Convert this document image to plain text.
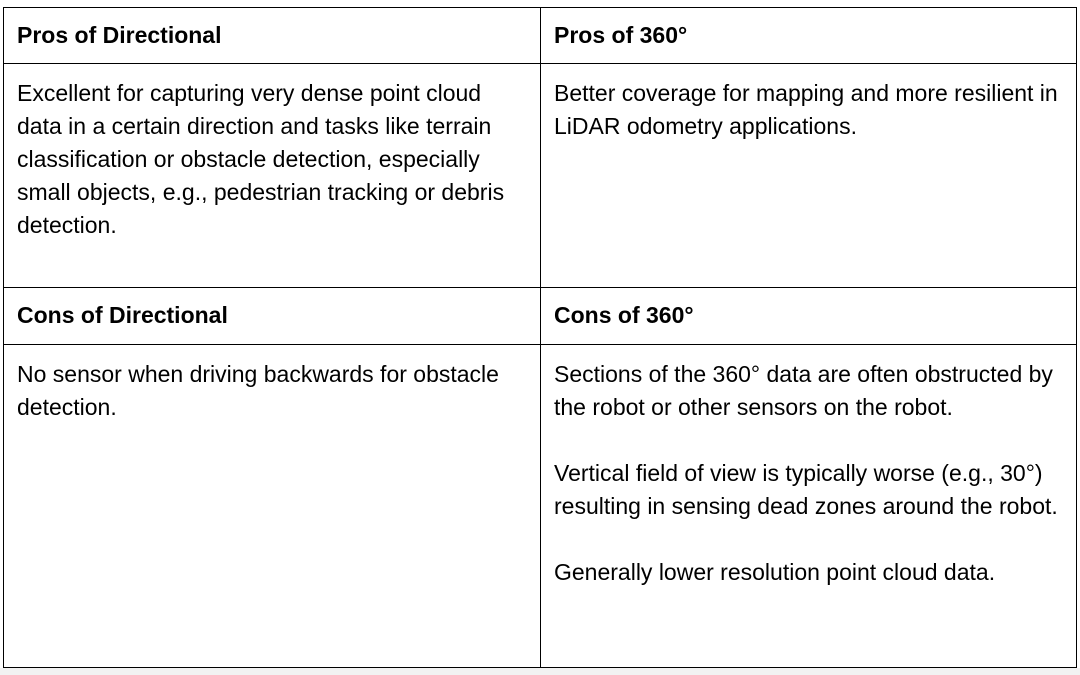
Pros of Directional	Pros of 360°
Excellent for capturing very dense point cloud data in a certain direction and tasks like terrain classification or obstacle detection, especially small objects, e.g., pedestrian tracking or debris detection.	Better coverage for mapping and more resilient in LiDAR odometry applications.
Cons of Directional	Cons of 360°
No sensor when driving backwards for obstacle detection.	Sections of the 360° data are often obstructed by the robot or other sensors on the robot.

Vertical field of view is typically worse (e.g., 30°) resulting in sensing dead zones around the robot.

Generally lower resolution point cloud data.
